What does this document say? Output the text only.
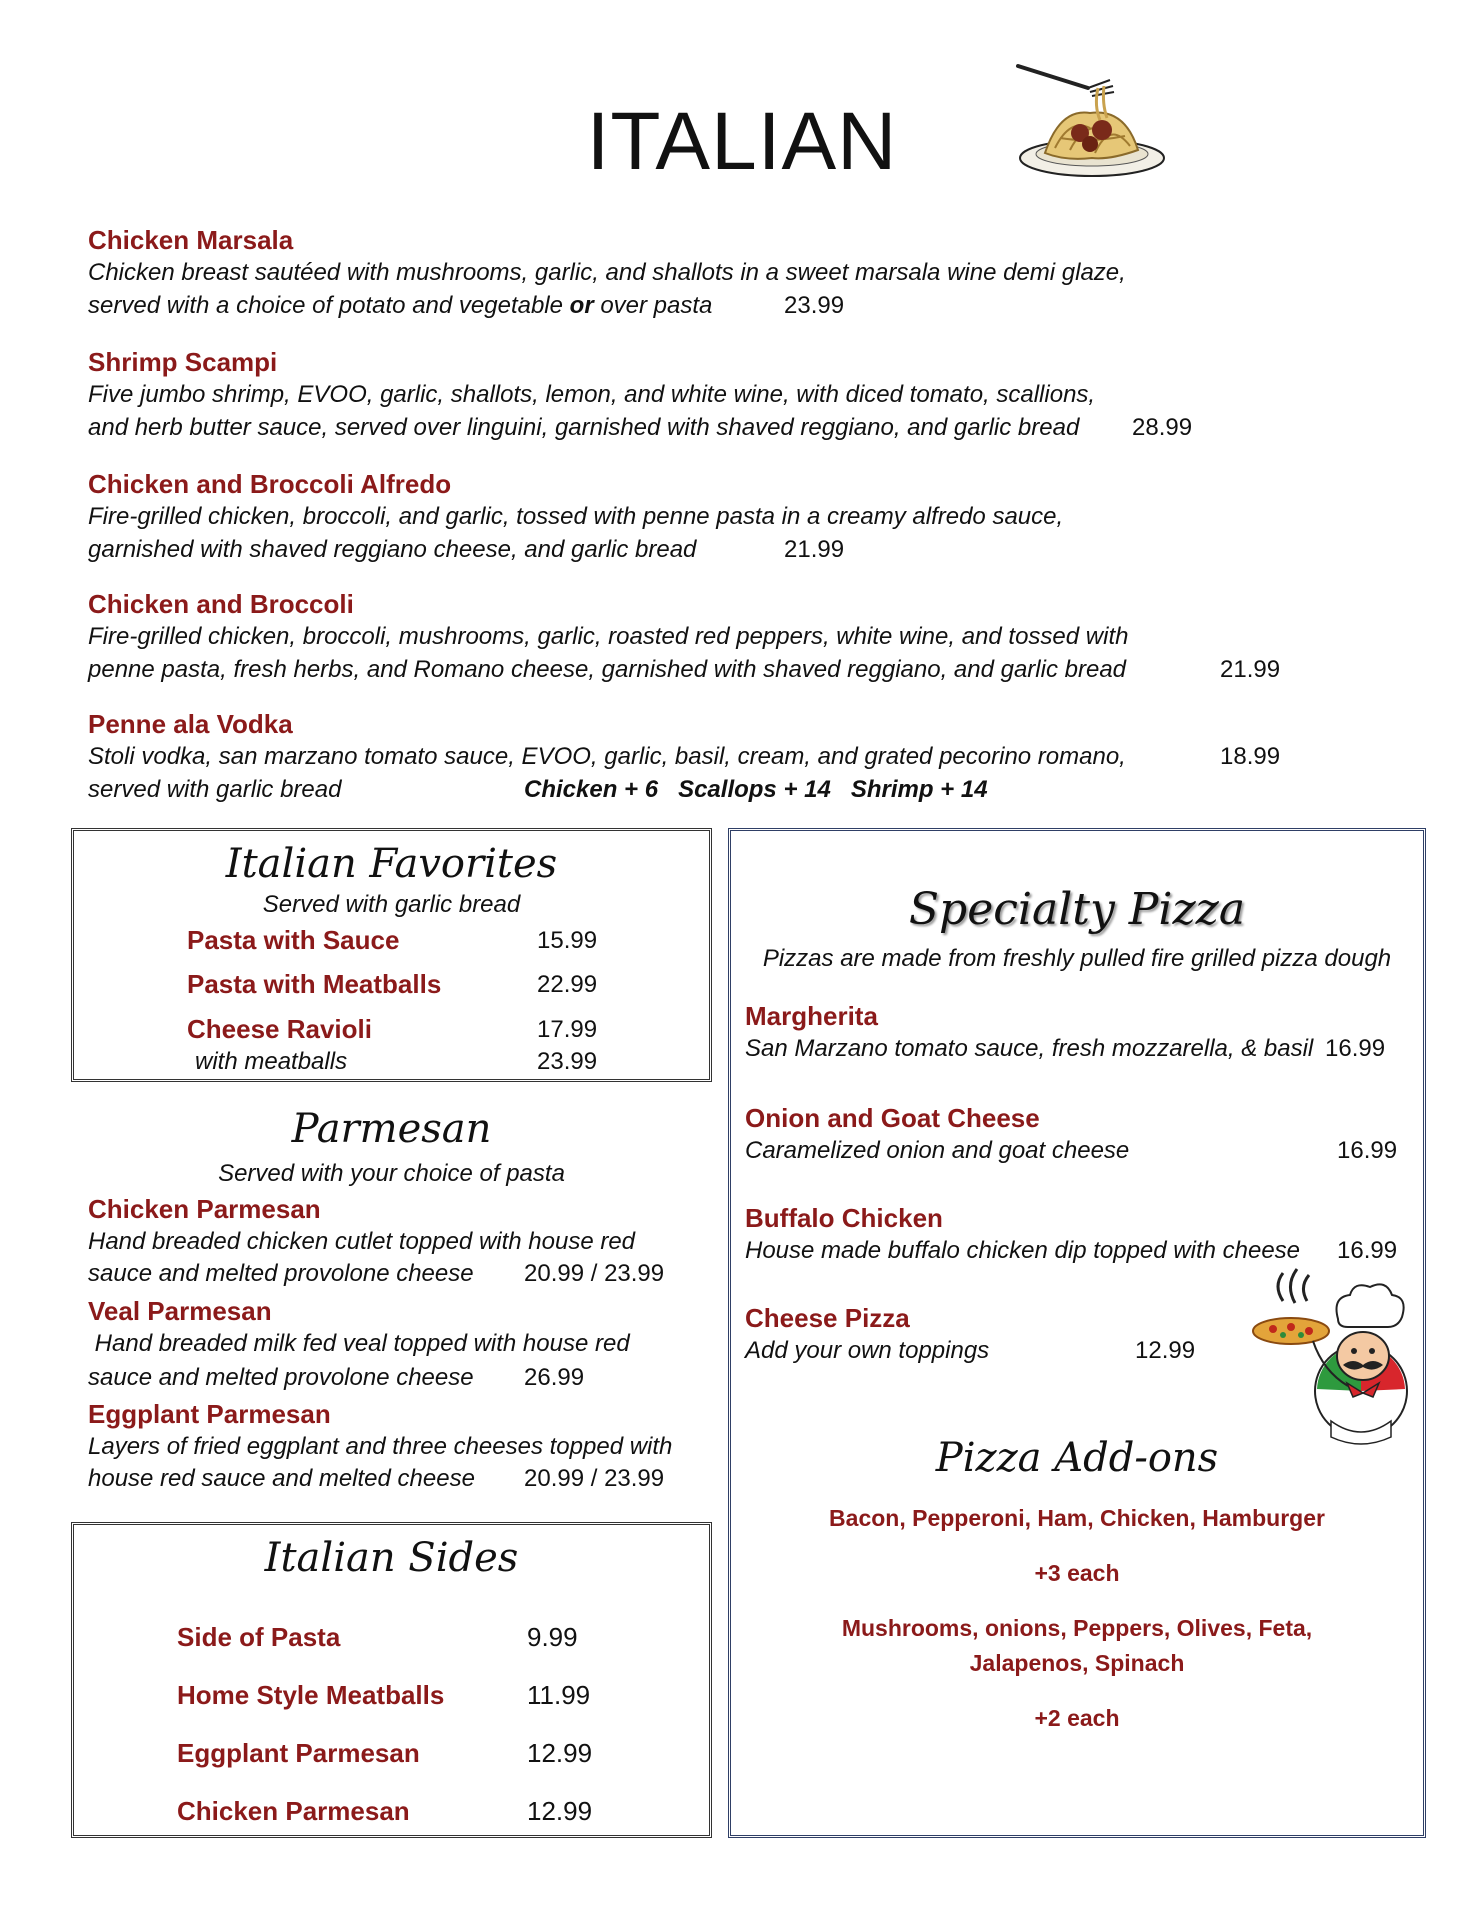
ITALIAN
Chicken Marsala
Chicken breast sautéed with mushrooms, garlic, and shallots in a sweet marsala wine demi glaze,
served with a choice of potato and vegetable or over pasta	23.99
Shrimp Scampi
Five jumbo shrimp, EVOO, garlic, shallots, lemon, and white wine, with diced tomato, scallions,
and herb butter sauce, served over linguini, garnished with shaved reggiano, and garlic bread 28.99
Chicken and Broccoli Alfredo
Fire-grilled chicken, broccoli, and garlic, tossed with penne pasta in a creamy alfredo sauce,
garnished with shaved reggiano cheese, and garlic bread	21.99
Chicken and Broccoli
Fire-grilled chicken, broccoli, mushrooms, garlic, roasted red peppers, white wine, and tossed with
penne pasta, fresh herbs, and Romano cheese, garnished with shaved reggiano, and garlic bread	21.99
Penne ala Vodka
Stoli vodka, san marzano tomato sauce, EVOO, garlic, basil, cream, and grated pecorino romano,	18.99
served with garlic bread	Chicken + 6   Scallops + 14   Shrimp + 14
Italian Favorites
Served with garlic bread
Pasta with Sauce	15.99
Pasta with Meatballs	22.99
Cheese Ravioli	17.99
with meatballs	23.99
Parmesan
Served with your choice of pasta
Chicken Parmesan
Hand breaded chicken cutlet topped with house red
sauce and melted provolone cheese 20.99 / 23.99
Veal Parmesan
Hand breaded milk fed veal topped with house red
sauce and melted provolone cheese 26.99
Eggplant Parmesan
Layers of fried eggplant and three cheeses topped with
house red sauce and melted cheese 20.99 / 23.99
Italian Sides
Side of Pasta	9.99
Home Style Meatballs	11.99
Eggplant Parmesan	12.99
Chicken Parmesan	12.99
Specialty Pizza
Pizzas are made from freshly pulled fire grilled pizza dough
Margherita
San Marzano tomato sauce, fresh mozzarella, & basil 16.99
Onion and Goat Cheese
Caramelized onion and goat cheese	16.99
Buffalo Chicken
House made buffalo chicken dip topped with cheese 16.99
Cheese Pizza
Add your own toppings	12.99
Pizza Add-ons
Bacon, Pepperoni, Ham, Chicken, Hamburger
+3 each
Mushrooms, onions, Peppers, Olives, Feta,
Jalapenos, Spinach
+2 each
